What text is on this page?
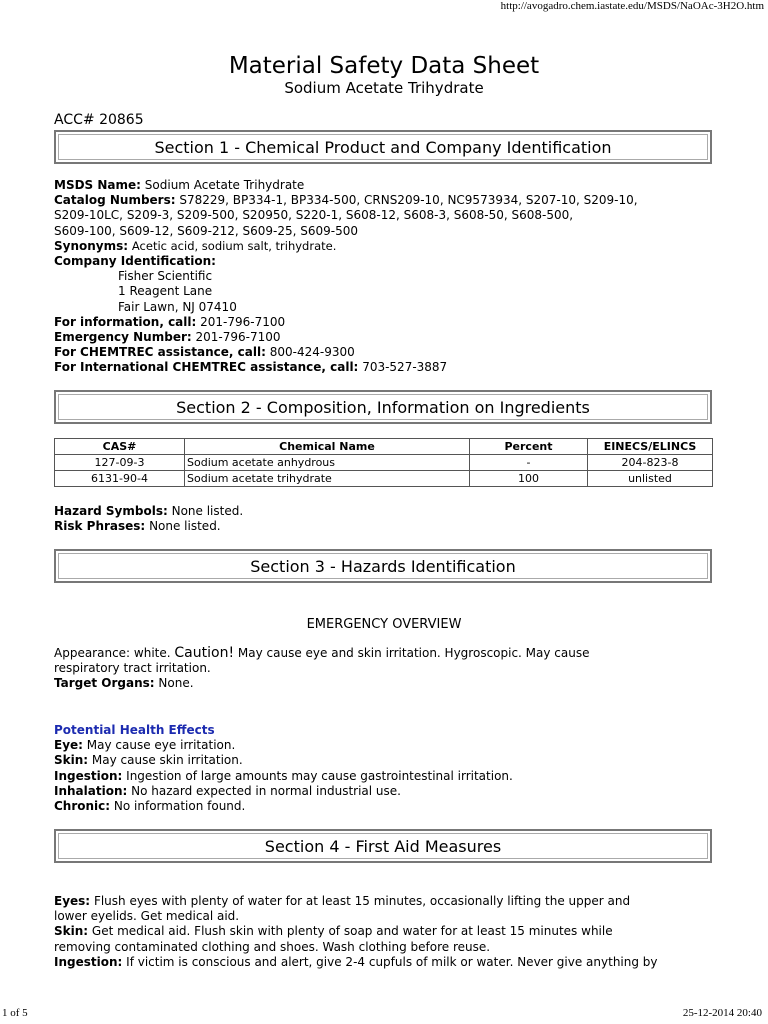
http://avogadro.chem.iastate.edu/MSDS/NaOAc-3H2O.htm
Material Safety Data Sheet
Sodium Acetate Trihydrate
ACC# 20865
Section 1 - Chemical Product and Company Identification

MSDS Name: Sodium Acetate Trihydrate

Catalog Numbers: S78229, BP334-1, BP334-500, CRNS209-10, NC9573934, S207-10, S209-10,

S209-10LC, S209-3, S209-500, S20950, S220-1, S608-12, S608-3, S608-50, S608-500,

S609-100, S609-12, S609-212, S609-25, S609-500

Synonyms: Acetic acid, sodium salt, trihydrate.

Company Identification:

Fisher Scientific

1 Reagent Lane

Fair Lawn, NJ 07410

For information, call: 201-796-7100

Emergency Number: 201-796-7100

For CHEMTREC assistance, call: 800-424-9300

For International CHEMTREC assistance, call: 703-527-3887

Section 2 - Composition, Information on Ingredients
CAS#	Chemical Name	Percent	EINECS/ELINCS
127-09-3	Sodium acetate anhydrous	-	204-823-8
6131-90-4	Sodium acetate trihydrate	100	unlisted

Hazard Symbols: None listed.

Risk Phrases: None listed.

Section 3 - Hazards Identification
EMERGENCY OVERVIEW

Appearance: white. Caution! May cause eye and skin irritation. Hygroscopic. May cause

respiratory tract irritation.

Target Organs: None.

Potential Health Effects

Eye: May cause eye irritation.

Skin: May cause skin irritation.

Ingestion: Ingestion of large amounts may cause gastrointestinal irritation.

Inhalation: No hazard expected in normal industrial use.

Chronic: No information found.

Section 4 - First Aid Measures

Eyes: Flush eyes with plenty of water for at least 15 minutes, occasionally lifting the upper and

lower eyelids. Get medical aid.

Skin: Get medical aid. Flush skin with plenty of soap and water for at least 15 minutes while

removing contaminated clothing and shoes. Wash clothing before reuse.

Ingestion: If victim is conscious and alert, give 2-4 cupfuls of milk or water. Never give anything by

1 of 5	25-12-2014 20:40
